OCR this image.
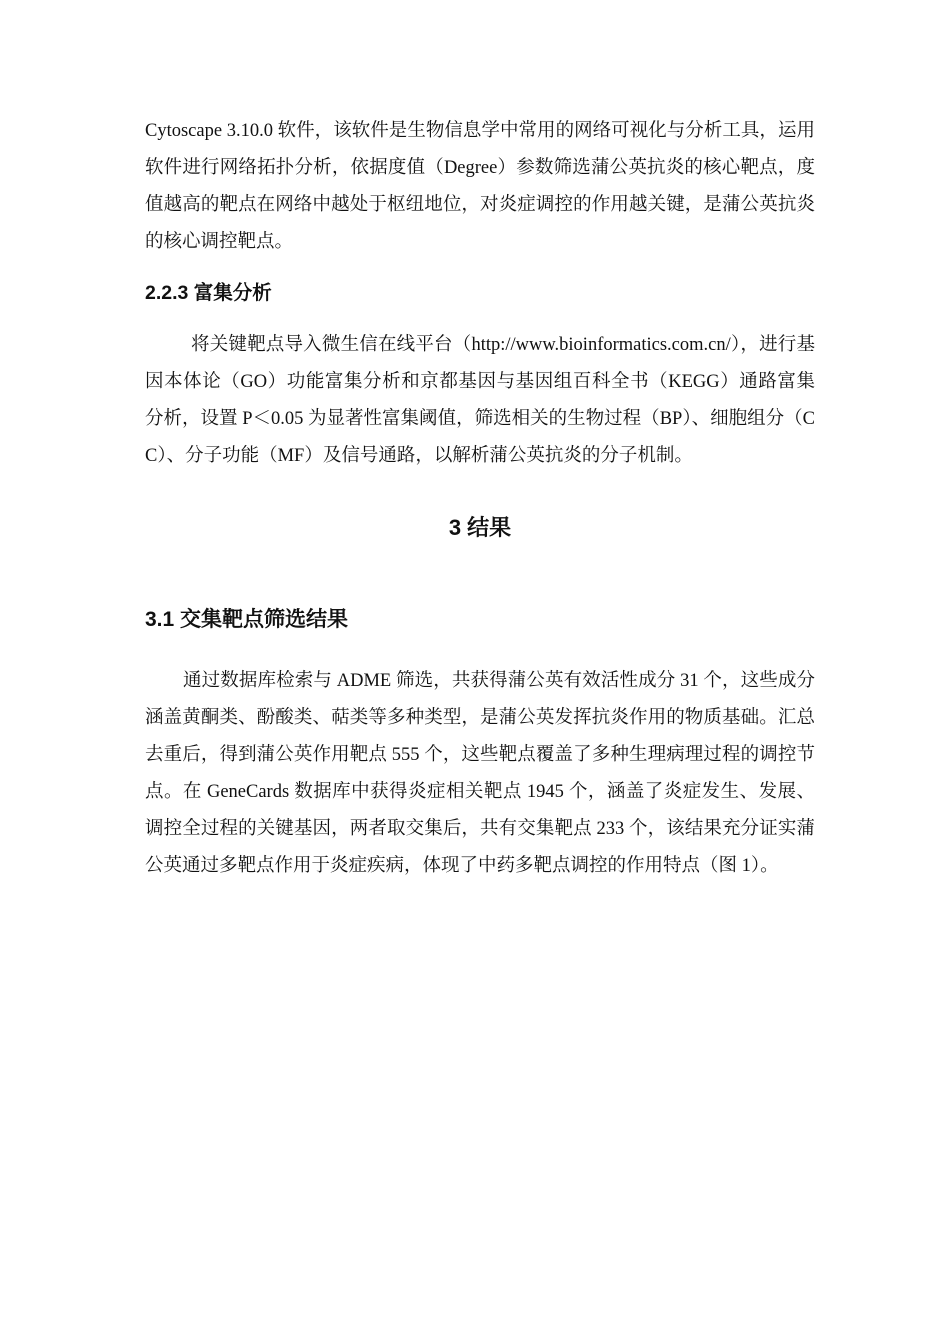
Cytoscape 3.10.0 软件，该软件是生物信息学中常用的网络可视化与分析工具，运用软件进行网络拓扑分析，依据度值（Degree）参数筛选蒲公英抗炎的核心靶点，度值越高的靶点在网络中越处于枢纽地位，对炎症调控的作用越关键，是蒲公英抗炎的核心调控靶点。

2.2.3 富集分析

将关键靶点导入微生信在线平台（http://www.bioinformatics.com.cn/），进行基因本体论（GO）功能富集分析和京都基因与基因组百科全书（KEGG）通路富集分析，设置 P＜0.05 为显著性富集阈值，筛选相关的生物过程（BP）、细胞组分（CC）、分子功能（MF）及信号通路，以解析蒲公英抗炎的分子机制。

3 结果
3.1 交集靶点筛选结果

通过数据库检索与 ADME 筛选，共获得蒲公英有效活性成分 31 个，这些成分涵盖黄酮类、酚酸类、萜类等多种类型，是蒲公英发挥抗炎作用的物质基础。汇总去重后，得到蒲公英作用靶点 555 个，这些靶点覆盖了多种生理病理过程的调控节点。在 GeneCards 数据库中获得炎症相关靶点 1945 个，涵盖了炎症发生、发展、调控全过程的关键基因，两者取交集后，共有交集靶点 233 个，该结果充分证实蒲公英通过多靶点作用于炎症疾病，体现了中药多靶点调控的作用特点（图 1）。
